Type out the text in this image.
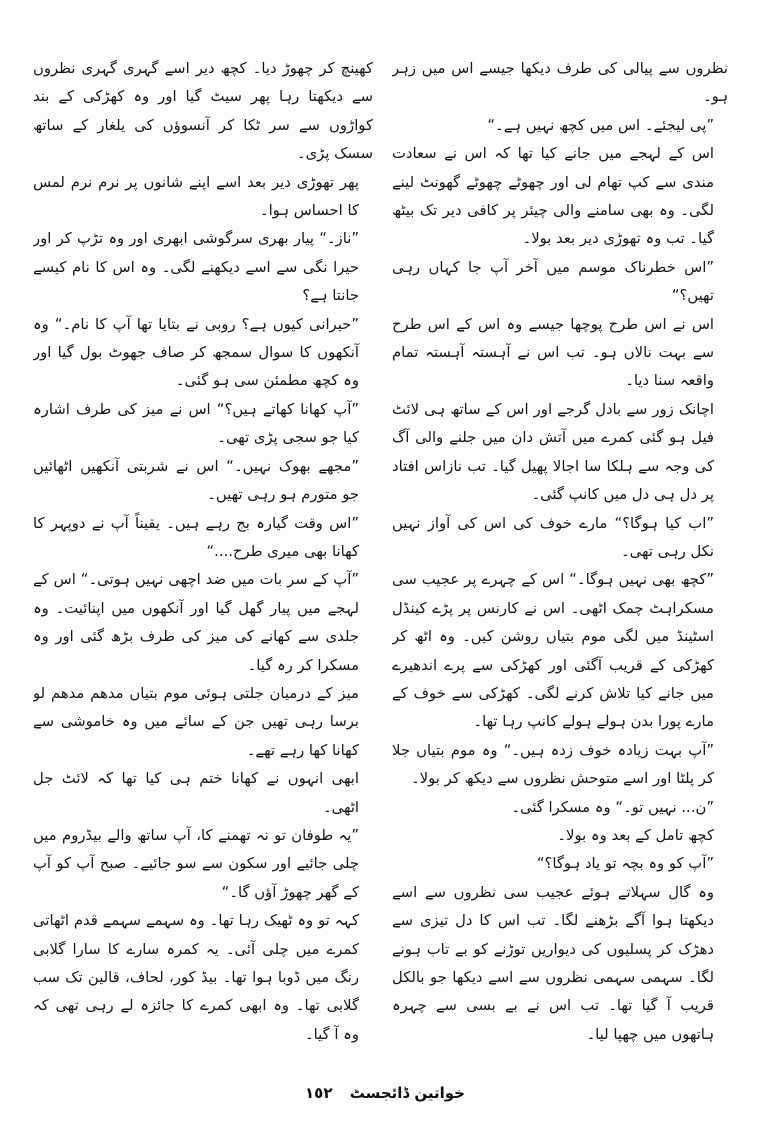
نظروں سے پیالی کی طرف دیکھا جیسے اس میں زہر ہو۔

”پی لیجئے۔ اس میں کچھ نہیں ہے۔“

اس کے لہجے میں جانے کیا تھا کہ اس نے سعادت مندی سے کپ تھام لی اور چھوٹے چھوٹے گھونٹ لینے لگی۔ وہ بھی سامنے والی چیئر پر کافی دیر تک بیٹھ گیا۔ تب وہ تھوڑی دیر بعد بولا۔

”اس خطرناک موسم میں آخر آپ جا کہاں رہی تھیں؟“

اس نے اس طرح پوچھا جیسے وہ اس کے اس طرح سے بہت نالاں ہو۔ تب اس نے آہستہ آہستہ تمام واقعہ سنا دیا۔

اچانک زور سے بادل گرجے اور اس کے ساتھ ہی لائٹ فیل ہو گئی کمرے میں آتش دان میں جلنے والی آگ کی وجہ سے ہلکا سا اجالا پھیل گیا۔ تب نازاس افتاد پر دل ہی دل میں کانپ گئی۔

”اب کیا ہوگا؟“ مارے خوف کی اس کی آواز نہیں نکل رہی تھی۔

”کچھ بھی نہیں ہوگا۔“ اس کے چہرے پر عجیب سی مسکراہٹ چمک اٹھی۔ اس نے کارنس پر پڑے کینڈل اسٹینڈ میں لگی موم بتیاں روشن کیں۔ وہ اٹھ کر کھڑکی کے قریب آگئی اور کھڑکی سے پرے اندھیرے میں جانے کیا تلاش کرنے لگی۔ کھڑکی سے خوف کے مارے پورا بدن ہولے ہولے کانپ رہا تھا۔

”آپ بہت زیادہ خوف زدہ ہیں۔“ وہ موم بتیاں جلا کر پلٹا اور اسے متوحش نظروں سے دیکھ کر بولا۔

”ن... نہیں تو۔“ وہ مسکرا گئی۔

کچھ تامل کے بعد وہ بولا۔

”آپ کو وہ بچہ تو یاد ہوگا؟“

وہ گال سہلاتے ہوئے عجیب سی نظروں سے اسے دیکھتا ہوا آگے بڑھنے لگا۔ تب اس کا دل تیزی سے دھڑک کر پسلیوں کی دیواریں توڑنے کو بے تاب ہونے لگا۔ سہمی سہمی نظروں سے اسے دیکھا جو بالکل قریب آ گیا تھا۔ تب اس نے بے بسی سے چہرہ ہاتھوں میں چھپا لیا۔

کھینچ کر چھوڑ دیا۔ کچھ دیر اسے گہری گہری نظروں سے دیکھتا رہا پھر سیٹ گیا اور وہ کھڑکی کے بند کواڑوں سے سر ٹکا کر آنسوؤں کی یلغار کے ساتھ سسک پڑی۔

پھر تھوڑی دیر بعد اسے اپنے شانوں پر نرم نرم لمس کا احساس ہوا۔

”ناز۔“ پیار بھری سرگوشی ابھری اور وہ تڑپ کر اور حیرا نگی سے اسے دیکھنے لگی۔ وہ اس کا نام کیسے جانتا ہے؟

”حیرانی کیوں ہے؟ روبی نے بتایا تھا آپ کا نام۔“ وہ آنکھوں کا سوال سمجھ کر صاف جھوٹ بول گیا اور وہ کچھ مطمئن سی ہو گئی۔

”آپ کھانا کھاتے ہیں؟“ اس نے میز کی طرف اشارہ کیا جو سجی پڑی تھی۔

”مجھے بھوک نہیں۔“ اس نے شربتی آنکھیں اٹھائیں جو متورم ہو رہی تھیں۔

”اس وقت گیارہ بج رہے ہیں۔ یقیناً آپ نے دوپہر کا کھانا بھی میری طرح....“

”آپ کے سر بات میں ضد اچھی نہیں ہوتی۔“ اس کے لہجے میں پیار گھل گیا اور آنکھوں میں اپنائیت۔ وہ جلدی سے کھانے کی میز کی طرف بڑھ گئی اور وہ مسکرا کر رہ گیا۔

میز کے درمیان جلتی ہوئی موم بتیاں مدھم مدھم لو برسا رہی تھیں جن کے سائے میں وہ خاموشی سے کھانا کھا رہے تھے۔

ابھی انہوں نے کھانا ختم ہی کیا تھا کہ لائٹ جل اٹھی۔

”یہ طوفان تو نہ تھمنے کا، آپ ساتھ والے بیڈروم میں چلی جائیے اور سکون سے سو جائیے۔ صبح آپ کو آپ کے گھر چھوڑ آؤں گا۔“

کہہ تو وہ ٹھیک رہا تھا۔ وہ سہمے سہمے قدم اٹھاتی کمرے میں چلی آئی۔ یہ کمرہ سارے کا سارا گلابی رنگ میں ڈوبا ہوا تھا۔ بیڈ کور، لحاف، قالین تک سب گلابی تھا۔ وہ ابھی کمرے کا جائزہ لے رہی تھی کہ وہ آ گیا۔

خواتین ڈائجسٹ ١٥٢
